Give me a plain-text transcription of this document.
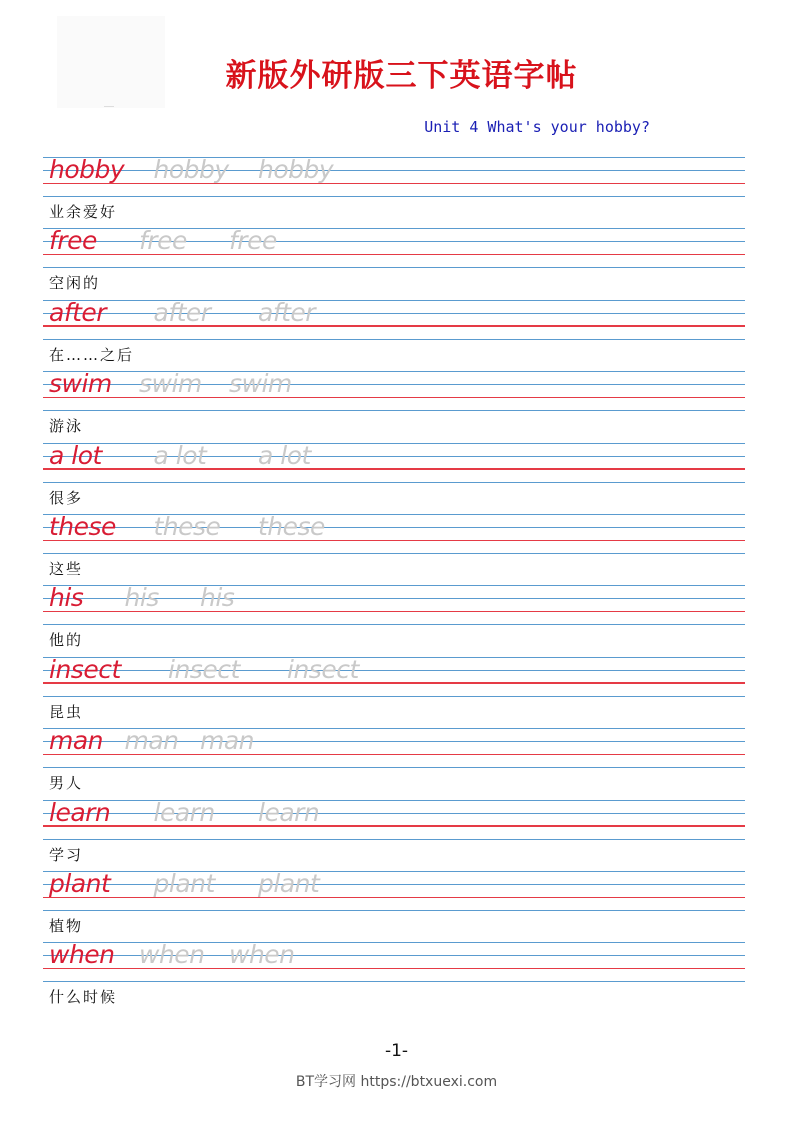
新版外研版三下英语字帖
Unit 4 What's your hobby?
hobby hobby hobby
业余爱好
free free free
空闲的
after after after
在……之后
swim swim swim
游泳
a lot a lot a lot
很多
these these these
这些
his his his
他的
insect insect insect
昆虫
man man man
男人
learn learn learn
学习
plant plant plant
植物
when when when
什么时候
-1-
BT学习网 https://btxuexi.com
